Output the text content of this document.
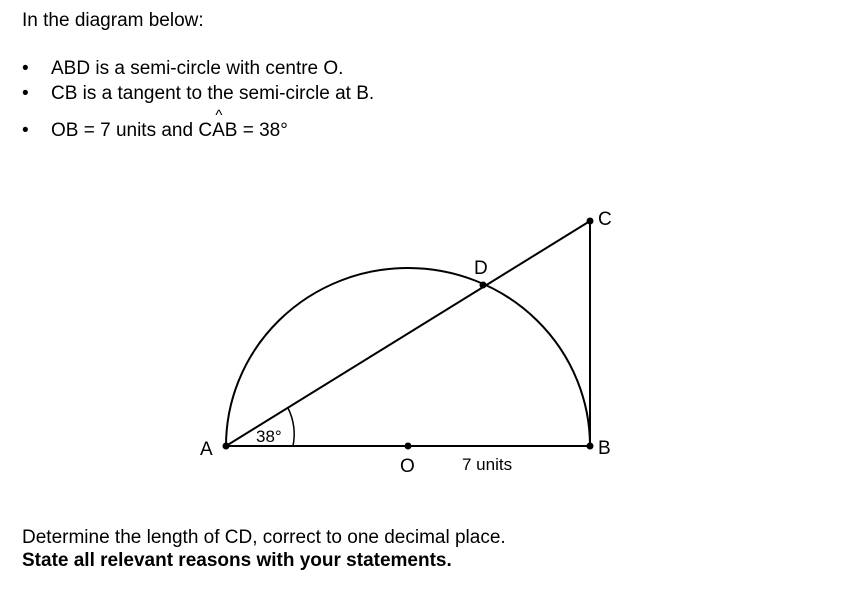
In the diagram below:
• ABD is a semi-circle with centre O.
• CB is a tangent to the semi-circle at B.
• OB = 7 units and
^
CAB = 38°
A	B
C
D
O
38°
7 units
Determine the length of CD, correct to one decimal place.
State all relevant reasons with your statements.
